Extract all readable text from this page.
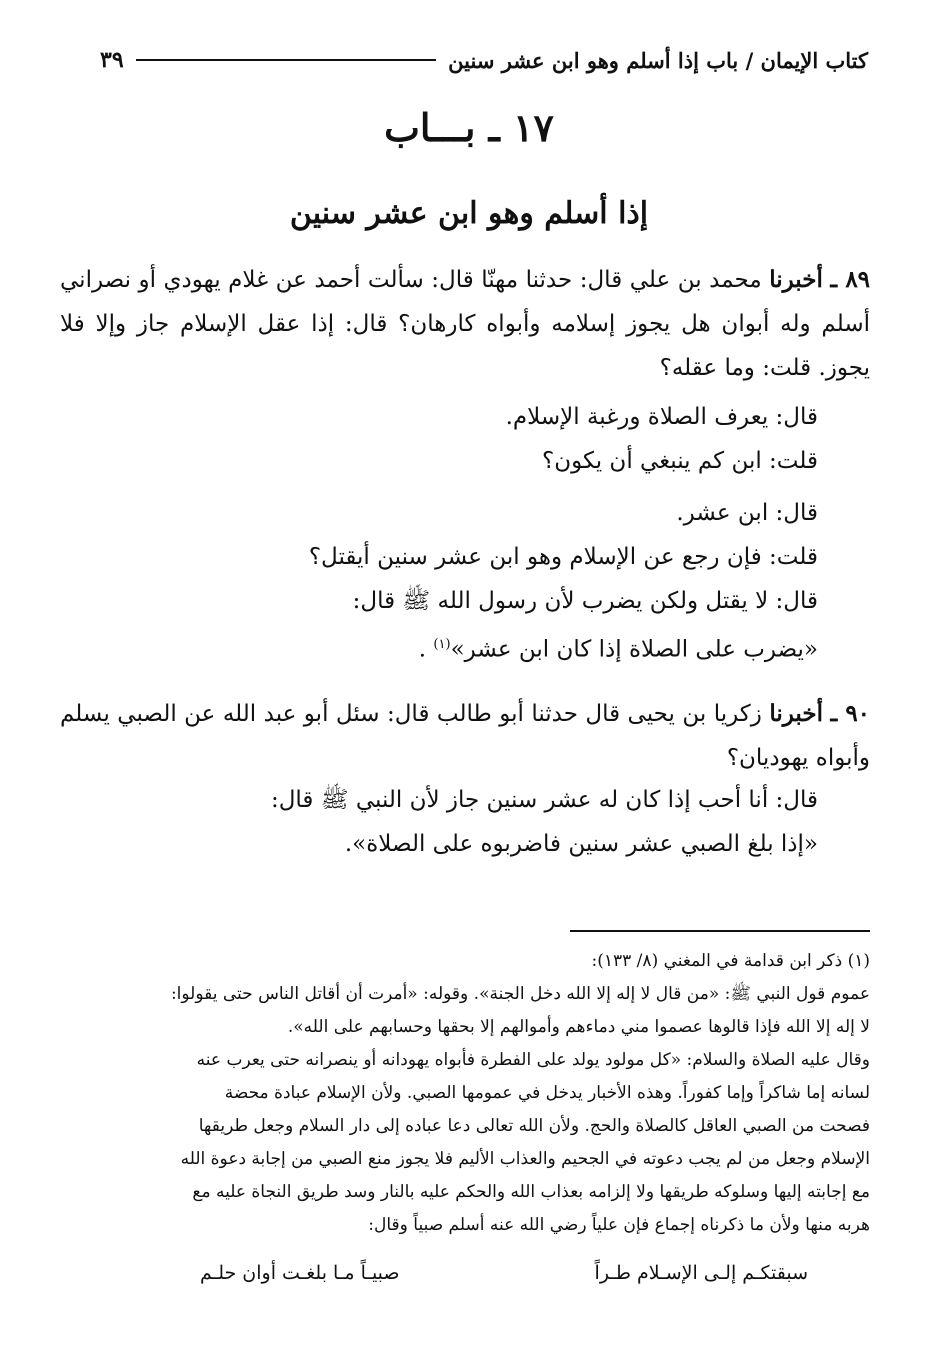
كتاب الإيمان / باب إذا أسلم وهو ابن عشر سنين
٣٩
١٧ ـ بـــاب
إذا أسلم وهو ابن عشر سنين
٨٩ ـ أخبرنا محمد بن علي قال: حدثنا مهنّا قال: سألت أحمد عن غلام يهودي أو نصراني أسلم وله أبوان هل يجوز إسلامه وأبواه كارهان؟ قال: إذا عقل الإسلام جاز وإلا فلا يجوز. قلت: وما عقله؟
قال: يعرف الصلاة ورغبة الإسلام.
قلت: ابن كم ينبغي أن يكون؟
قال: ابن عشر.
قلت: فإن رجع عن الإسلام وهو ابن عشر سنين أيقتل؟
قال: لا يقتل ولكن يضرب لأن رسول الله ﷺ قال:
«يضرب على الصلاة إذا كان ابن عشر»$^{(١)}$ .
٩٠ ـ أخبرنا زكريا بن يحيى قال حدثنا أبو طالب قال: سئل أبو عبد الله عن الصبي يسلم وأبواه يهوديان؟
قال: أنا أحب إذا كان له عشر سنين جاز لأن النبي ﷺ قال:
«إذا بلغ الصبي عشر سنين فاضربوه على الصلاة».
(١) ذكر ابن قدامة في المغني (٨/ ١٣٣):
عموم قول النبي ﷺ: «من قال لا إله إلا الله دخل الجنة». وقوله: «أمرت أن أقاتل الناس حتى يقولوا:
لا إله إلا الله فإذا قالوها عصموا مني دماءهم وأموالهم إلا بحقها وحسابهم على الله».
وقال عليه الصلاة والسلام: «كل مولود يولد على الفطرة فأبواه يهودانه أو ينصرانه حتى يعرب عنه
لسانه إما شاكراً وإما كفوراً. وهذه الأخبار يدخل في عمومها الصبي. ولأن الإسلام عبادة محضة
فصحت من الصبي العاقل كالصلاة والحج. ولأن الله تعالى دعا عباده إلى دار السلام وجعل طريقها
الإسلام وجعل من لم يجب دعوته في الجحيم والعذاب الأليم فلا يجوز منع الصبي من إجابة دعوة الله
مع إجابته إليها وسلوكه طريقها ولا إلزامه بعذاب الله والحكم عليه بالنار وسد طريق النجاة عليه مع
هربه منها ولأن ما ذكرناه إجماع فإن علياً رضي الله عنه أسلم صبياً وقال:
سبقتكـم إلـى الإسـلام طـراً
صبيـاً مـا بلغـت أوان حلـم
